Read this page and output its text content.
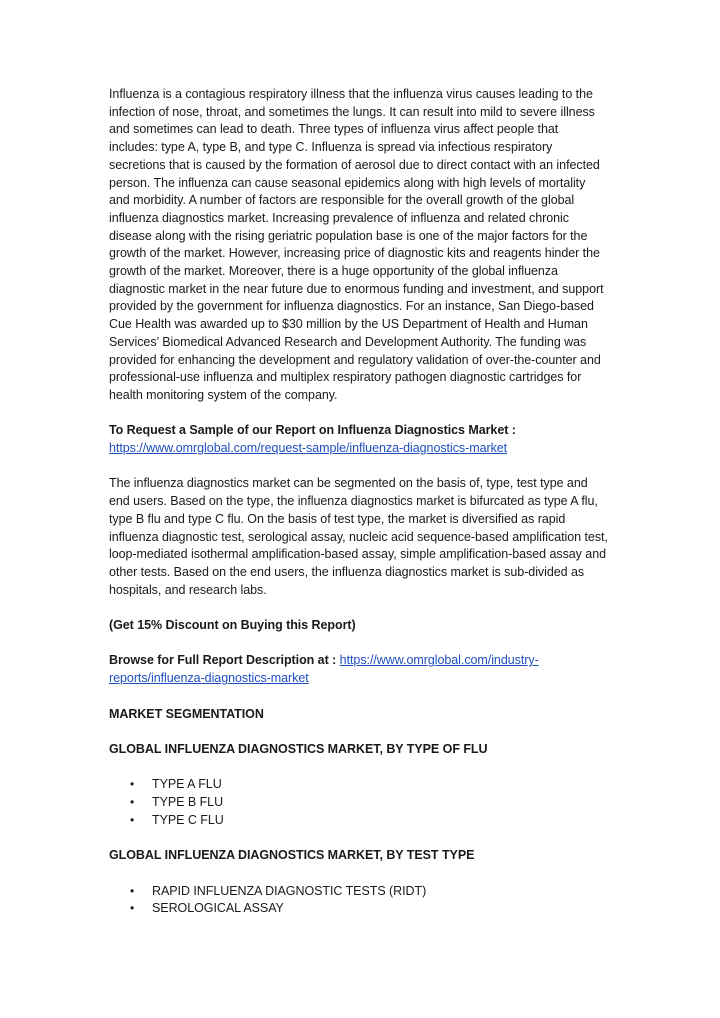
Influenza is a contagious respiratory illness that the influenza virus causes leading to the infection of nose, throat, and sometimes the lungs. It can result into mild to severe illness and sometimes can lead to death. Three types of influenza virus affect people that includes: type A, type B, and type C. Influenza is spread via infectious respiratory secretions that is caused by the formation of aerosol due to direct contact with an infected person. The influenza can cause seasonal epidemics along with high levels of mortality and morbidity. A number of factors are responsible for the overall growth of the global influenza diagnostics market. Increasing prevalence of influenza and related chronic disease along with the rising geriatric population base is one of the major factors for the growth of the market. However, increasing price of diagnostic kits and reagents hinder the growth of the market. Moreover, there is a huge opportunity of the global influenza diagnostic market in the near future due to enormous funding and investment, and support provided by the government for influenza diagnostics. For an instance, San Diego-based Cue Health was awarded up to $30 million by the US Department of Health and Human Services’ Biomedical Advanced Research and Development Authority. The funding was provided for enhancing the development and regulatory validation of over-the-counter and professional-use influenza and multiplex respiratory pathogen diagnostic cartridges for health monitoring system of the company.

To Request a Sample of our Report on Influenza Diagnostics Market : https://www.omrglobal.com/request-sample/influenza-diagnostics-market

The influenza diagnostics market can be segmented on the basis of, type, test type and end users. Based on the type, the influenza diagnostics market is bifurcated as type A flu, type B flu and type C flu. On the basis of test type, the market is diversified as rapid influenza diagnostic test, serological assay, nucleic acid sequence-based amplification test, loop-mediated isothermal amplification-based assay, simple amplification-based assay and other tests. Based on the end users, the influenza diagnostics market is sub-divided as hospitals, and research labs.

(Get 15% Discount on Buying this Report)

Browse for Full Report Description at : https://www.omrglobal.com/industry-reports/influenza-diagnostics-market

MARKET SEGMENTATION

GLOBAL INFLUENZA DIAGNOSTICS MARKET, BY TYPE OF FLU

• TYPE A FLU
• TYPE B FLU
• TYPE C FLU

GLOBAL INFLUENZA DIAGNOSTICS MARKET, BY TEST TYPE

• RAPID INFLUENZA DIAGNOSTIC TESTS (RIDT)
• SEROLOGICAL ASSAY
